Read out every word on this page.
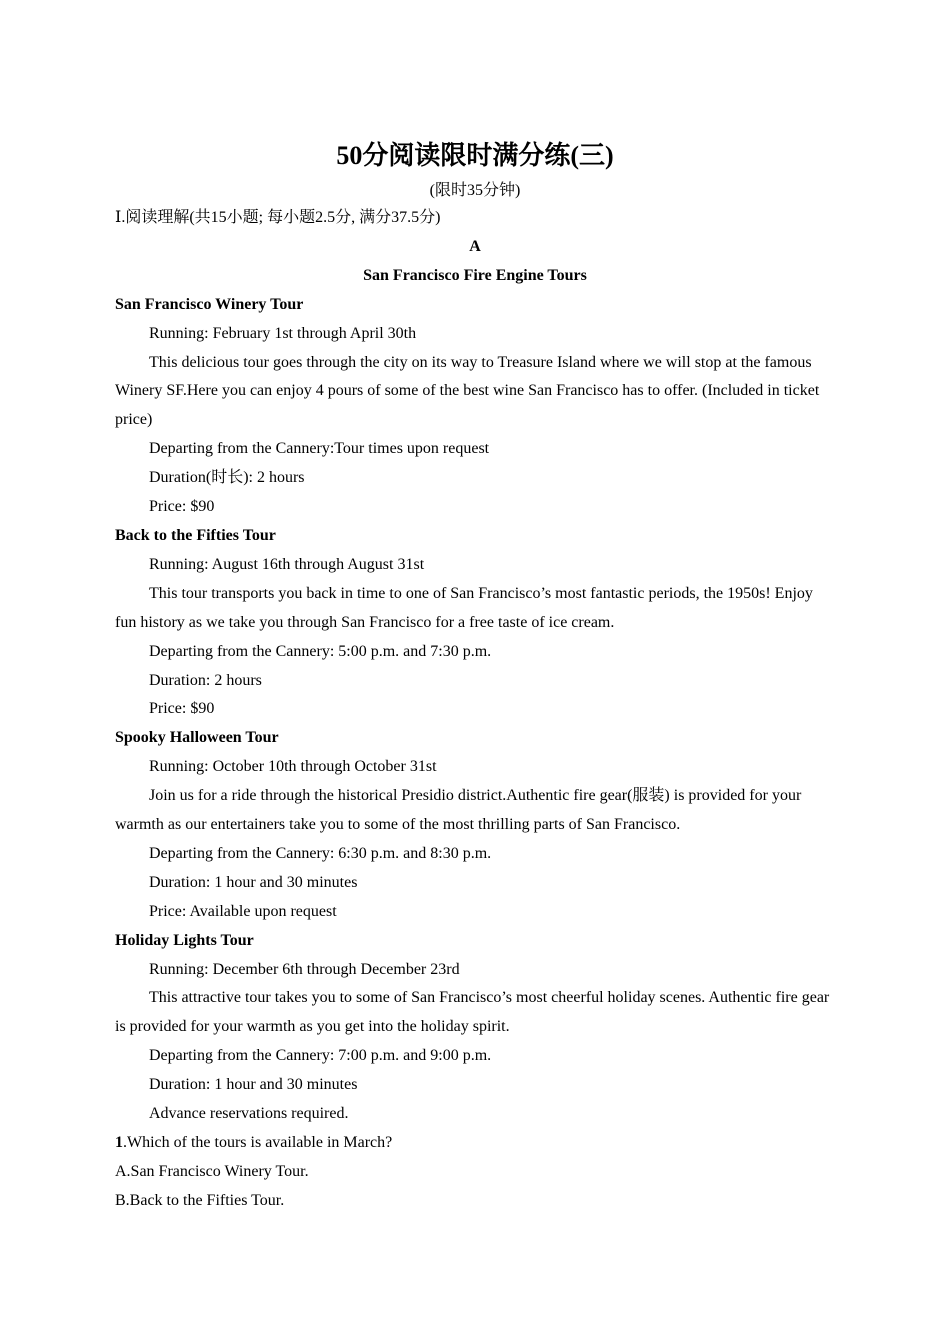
50分阅读限时满分练(三)
(限时35分钟)
Ⅰ.阅读理解(共15小题; 每小题2.5分, 满分37.5分)
A
San Francisco Fire Engine Tours
San Francisco Winery Tour
Running: February 1st through April 30th
This delicious tour goes through the city on its way to Treasure Island where we will stop at the famous Winery SF.Here you can enjoy 4 pours of some of the best wine San Francisco has to offer. (Included in ticket price)
Departing from the Cannery:Tour times upon request
Duration(时长): 2 hours
Price: $90
Back to the Fifties Tour
Running: August 16th through August 31st
This tour transports you back in time to one of San Francisco’s most fantastic periods, the 1950s! Enjoy fun history as we take you through San Francisco for a free taste of ice cream.
Departing from the Cannery: 5:00 p.m. and 7:30 p.m.
Duration: 2 hours
Price: $90
Spooky Halloween Tour
Running: October 10th through October 31st
Join us for a ride through the historical Presidio district.Authentic fire gear(服装) is provided for your warmth as our entertainers take you to some of the most thrilling parts of San Francisco.
Departing from the Cannery: 6:30 p.m. and 8:30 p.m.
Duration: 1 hour and 30 minutes
Price: Available upon request
Holiday Lights Tour
Running: December 6th through December 23rd
This attractive tour takes you to some of San Francisco’s most cheerful holiday scenes. Authentic fire gear is provided for your warmth as you get into the holiday spirit.
Departing from the Cannery: 7:00 p.m. and 9:00 p.m.
Duration: 1 hour and 30 minutes
Advance reservations required.
1.Which of the tours is available in March?
A.San Francisco Winery Tour.
B.Back to the Fifties Tour.
